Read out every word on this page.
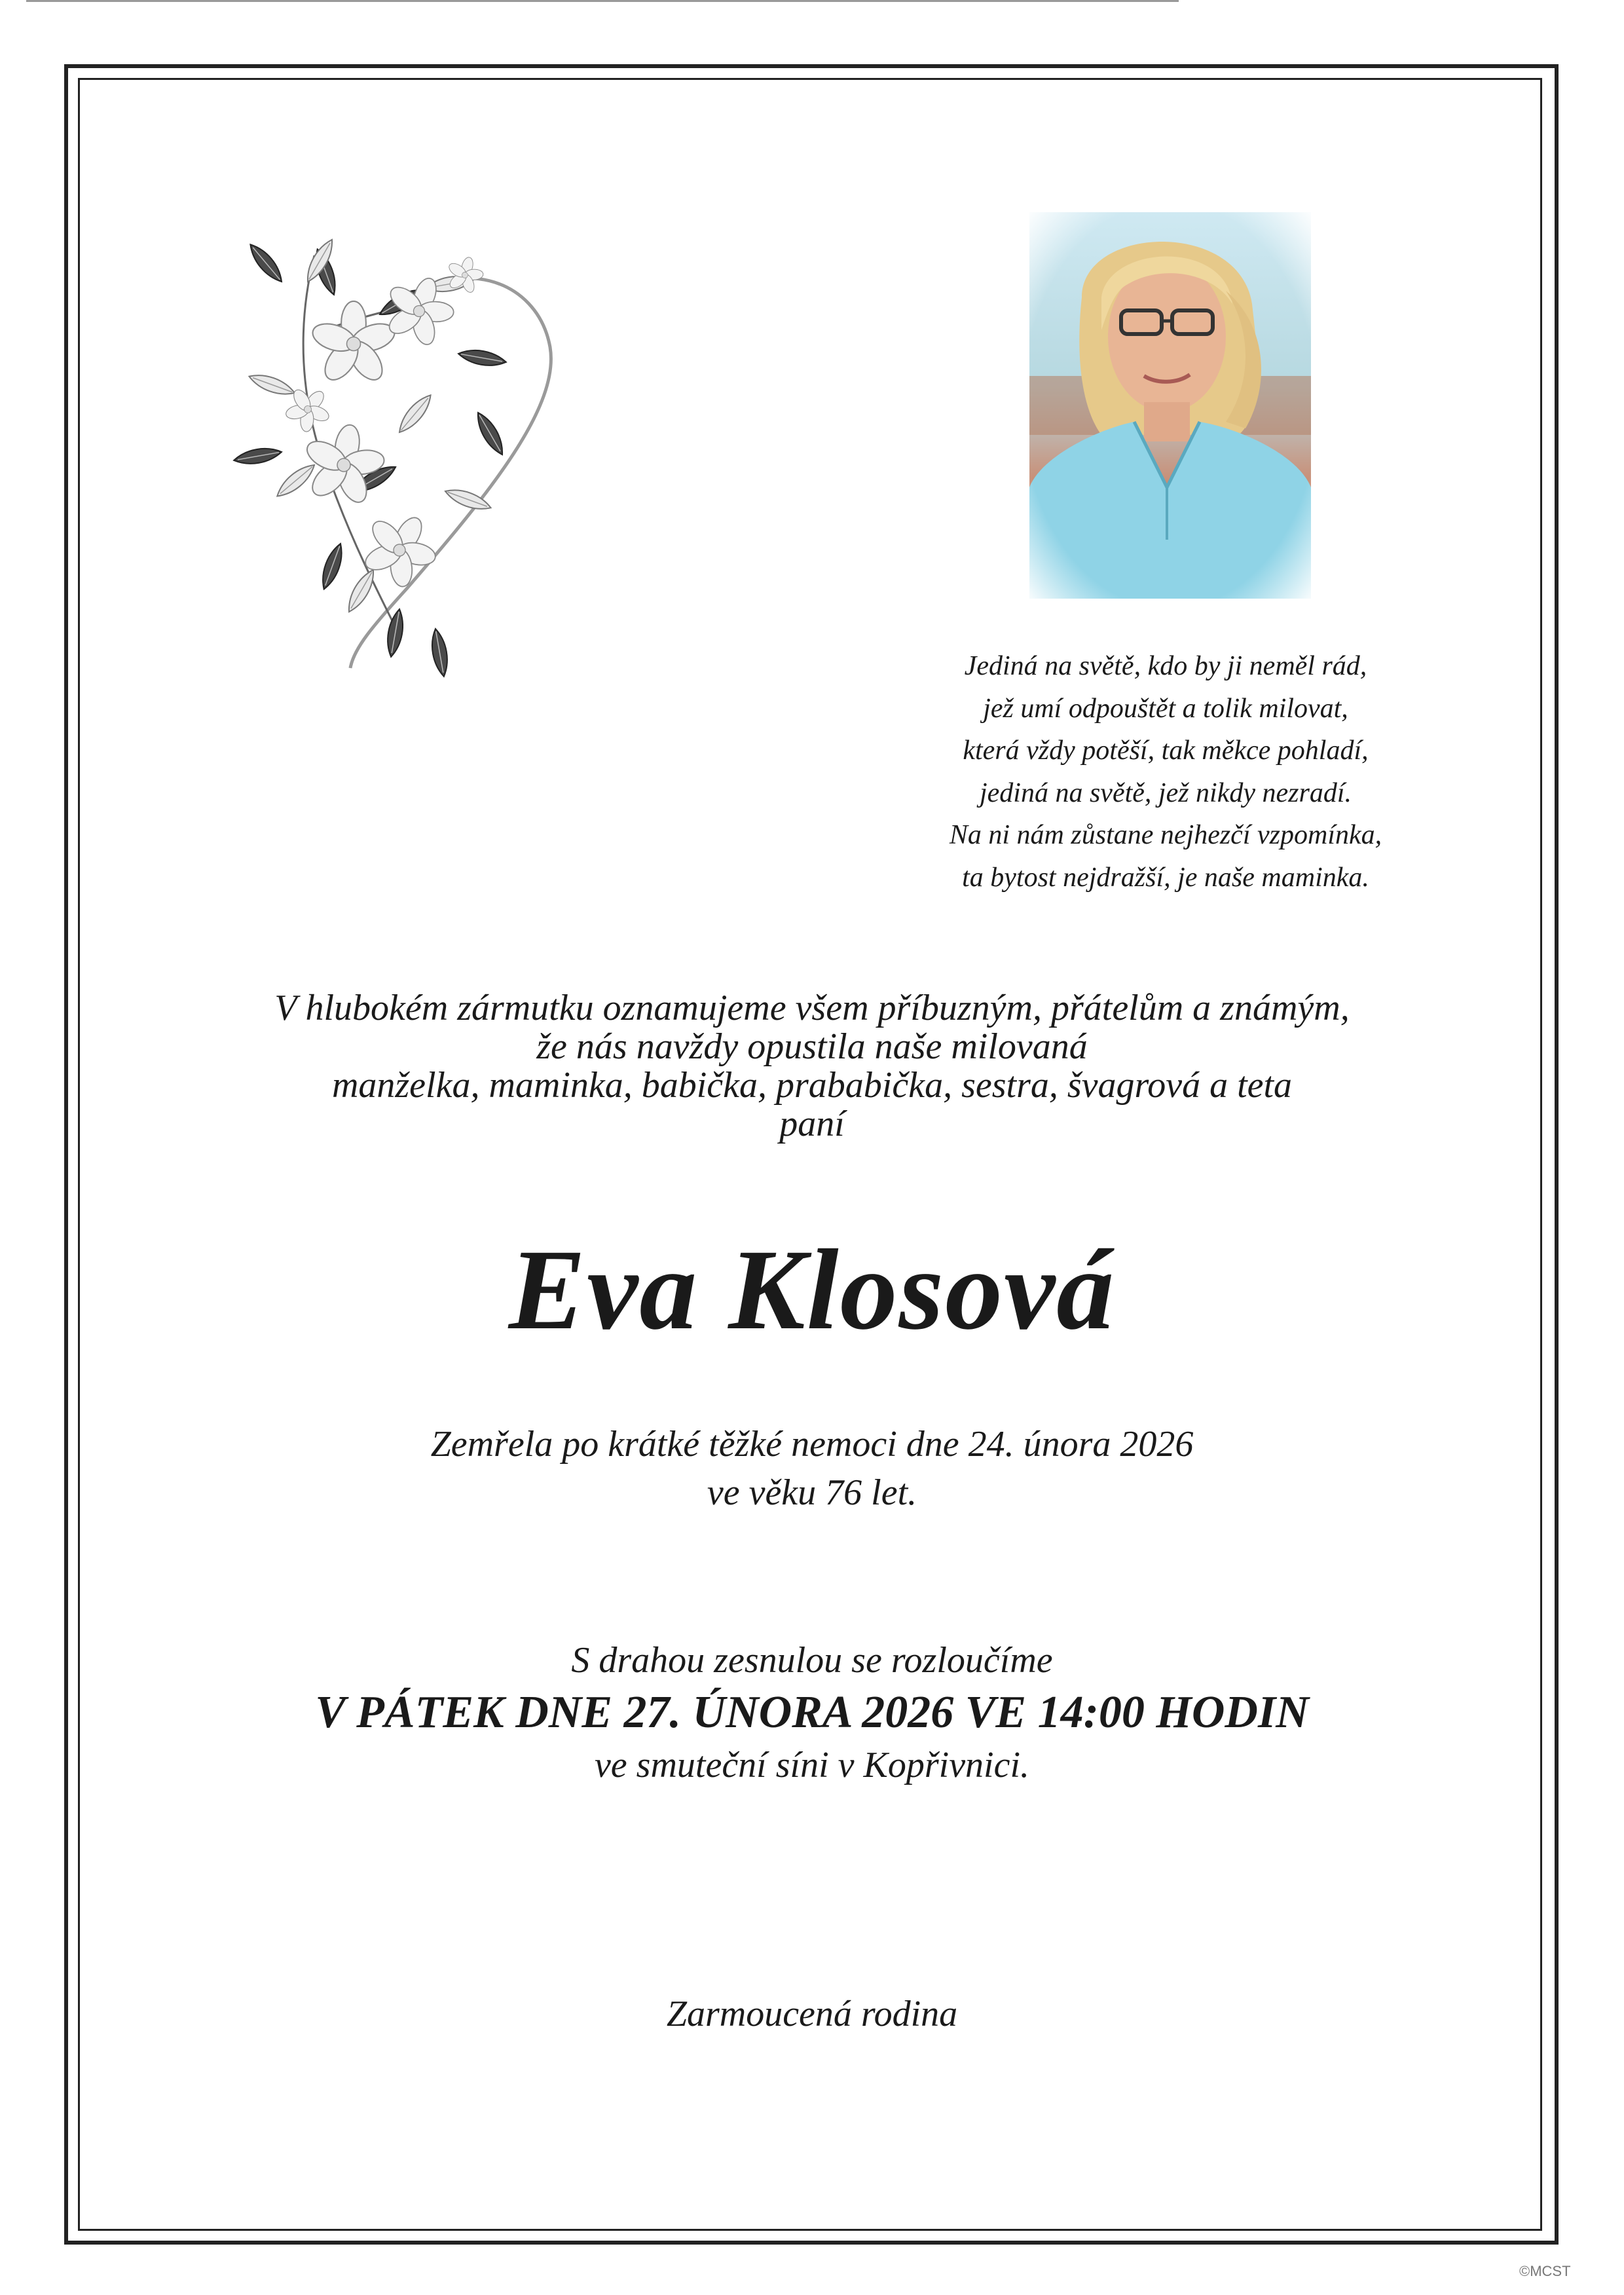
Jediná na světě, kdo by ji neměl rád,
jež umí odpouštět a tolik milovat,
která vždy potěší, tak měkce pohladí,
jediná na světě, jež nikdy nezradí.
Na ni nám zůstane nejhezčí vzpomínka,
ta bytost nejdražší, je naše maminka.
V hlubokém zármutku oznamujeme všem příbuzným, přátelům a známým,
že nás navždy opustila naše milovaná
manželka, maminka, babička, prababička, sestra, švagrová a teta
paní
Eva Klosová
Zemřela po krátké těžké nemoci dne 24. února 2026
ve věku 76 let.
S drahou zesnulou se rozloučíme
V PÁTEK DNE 27. ÚNORA 2026 VE 14:00 HODIN
ve smuteční síni v Kopřivnici.
Zarmoucená rodina
©MCST
